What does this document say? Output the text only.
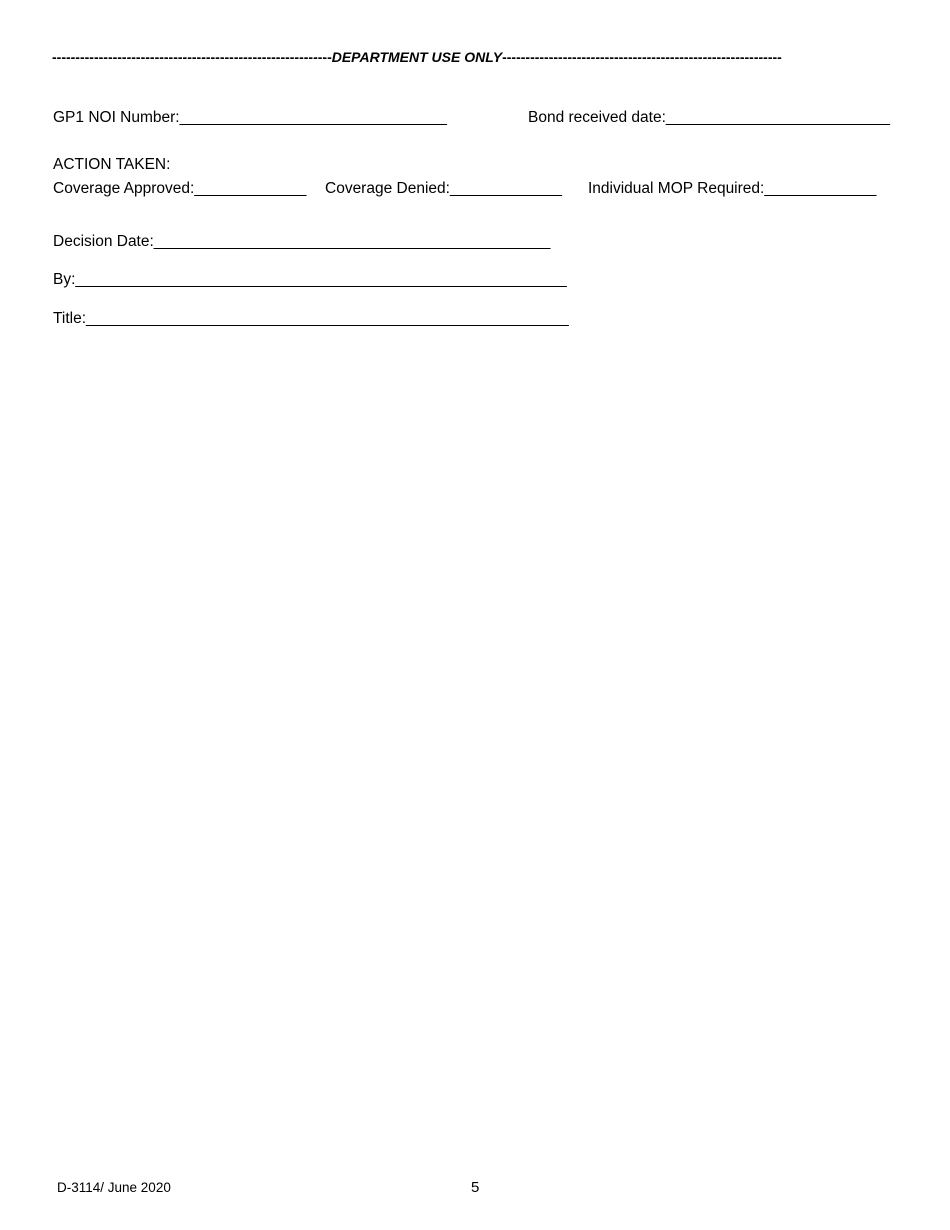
------------------------------------------------------------DEPARTMENT USE ONLY------------------------------------------------------------
GP1 NOI Number:_______________________________	Bond received date:__________________________
ACTION TAKEN:
Coverage Approved:_____________ Coverage Denied:_____________ Individual MOP Required:_____________
Decision Date:______________________________________________
By:_________________________________________________________
Title:________________________________________________________
D-3114/ June 2020	5
